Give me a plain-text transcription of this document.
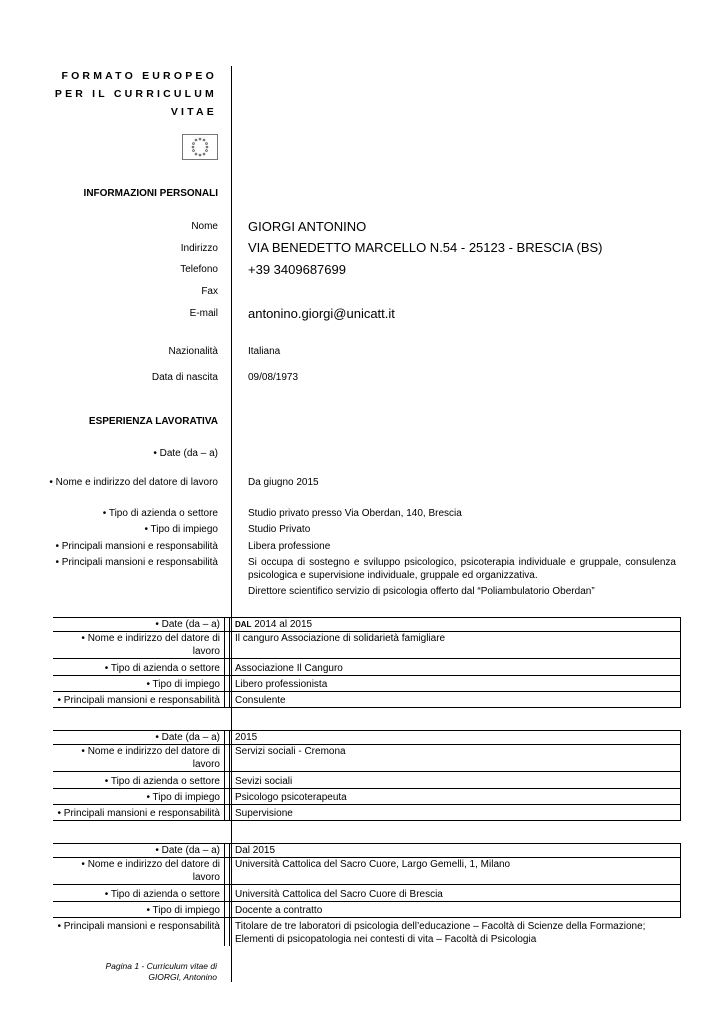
FORMATO EUROPEO
PER IL CURRICULUM
VITAE
INFORMAZIONI PERSONALI
Nome GIORGI ANTONINO
Indirizzo VIA BENEDETTO MARCELLO N.54 - 25123 - BRESCIA (BS)
Telefono +39 3409687699
Fax
E-mail antonino.giorgi@unicatt.it
Nazionalità	Italiana
Data di nascita	09/08/1973
ESPERIENZA LAVORATIVA
• Date (da – a)
• Nome e indirizzo del datore di lavoro	Da giugno 2015
• Tipo di azienda o settore	Studio privato presso Via Oberdan, 140, Brescia
• Tipo di impiego	Studio Privato
• Principali mansioni e responsabilità	Libera professione
• Principali mansioni e responsabilità	Si occupa di sostegno e sviluppo psicologico, psicoterapia individuale e gruppale, consulenza psicologica e supervisione individuale, gruppale ed organizzativa.
Direttore scientifico servizio di psicologia offerto dal “Poliambulatorio Oberdan”
• Date (da – a)		DAL 2014 al 2015
• Nome e indirizzo del datore di lavoro		Il canguro Associazione di solidarietà famigliare
• Tipo di azienda o settore		Associazione Il Canguro
• Tipo di impiego		Libero professionista
• Principali mansioni e responsabilità		Consulente
• Date (da – a)		2015
• Nome e indirizzo del datore di lavoro		Servizi sociali - Cremona
• Tipo di azienda o settore		Sevizi sociali
• Tipo di impiego		Psicologo psicoterapeuta
• Principali mansioni e responsabilità		Supervisione
• Date (da – a)		Dal 2015
• Nome e indirizzo del datore di lavoro		Università Cattolica del Sacro Cuore, Largo Gemelli, 1, Milano
• Tipo di azienda o settore		Università Cattolica del Sacro Cuore di Brescia
• Tipo di impiego		Docente a contratto
• Principali mansioni e responsabilità		Titolare de tre laboratori di psicologia dell’educazione – Facoltà di Scienze della Formazione; Elementi di psicopatologia nei contesti di vita – Facoltà di Psicologia
Pagina 1 - Curriculum vitae di
GIORGI, Antonino
